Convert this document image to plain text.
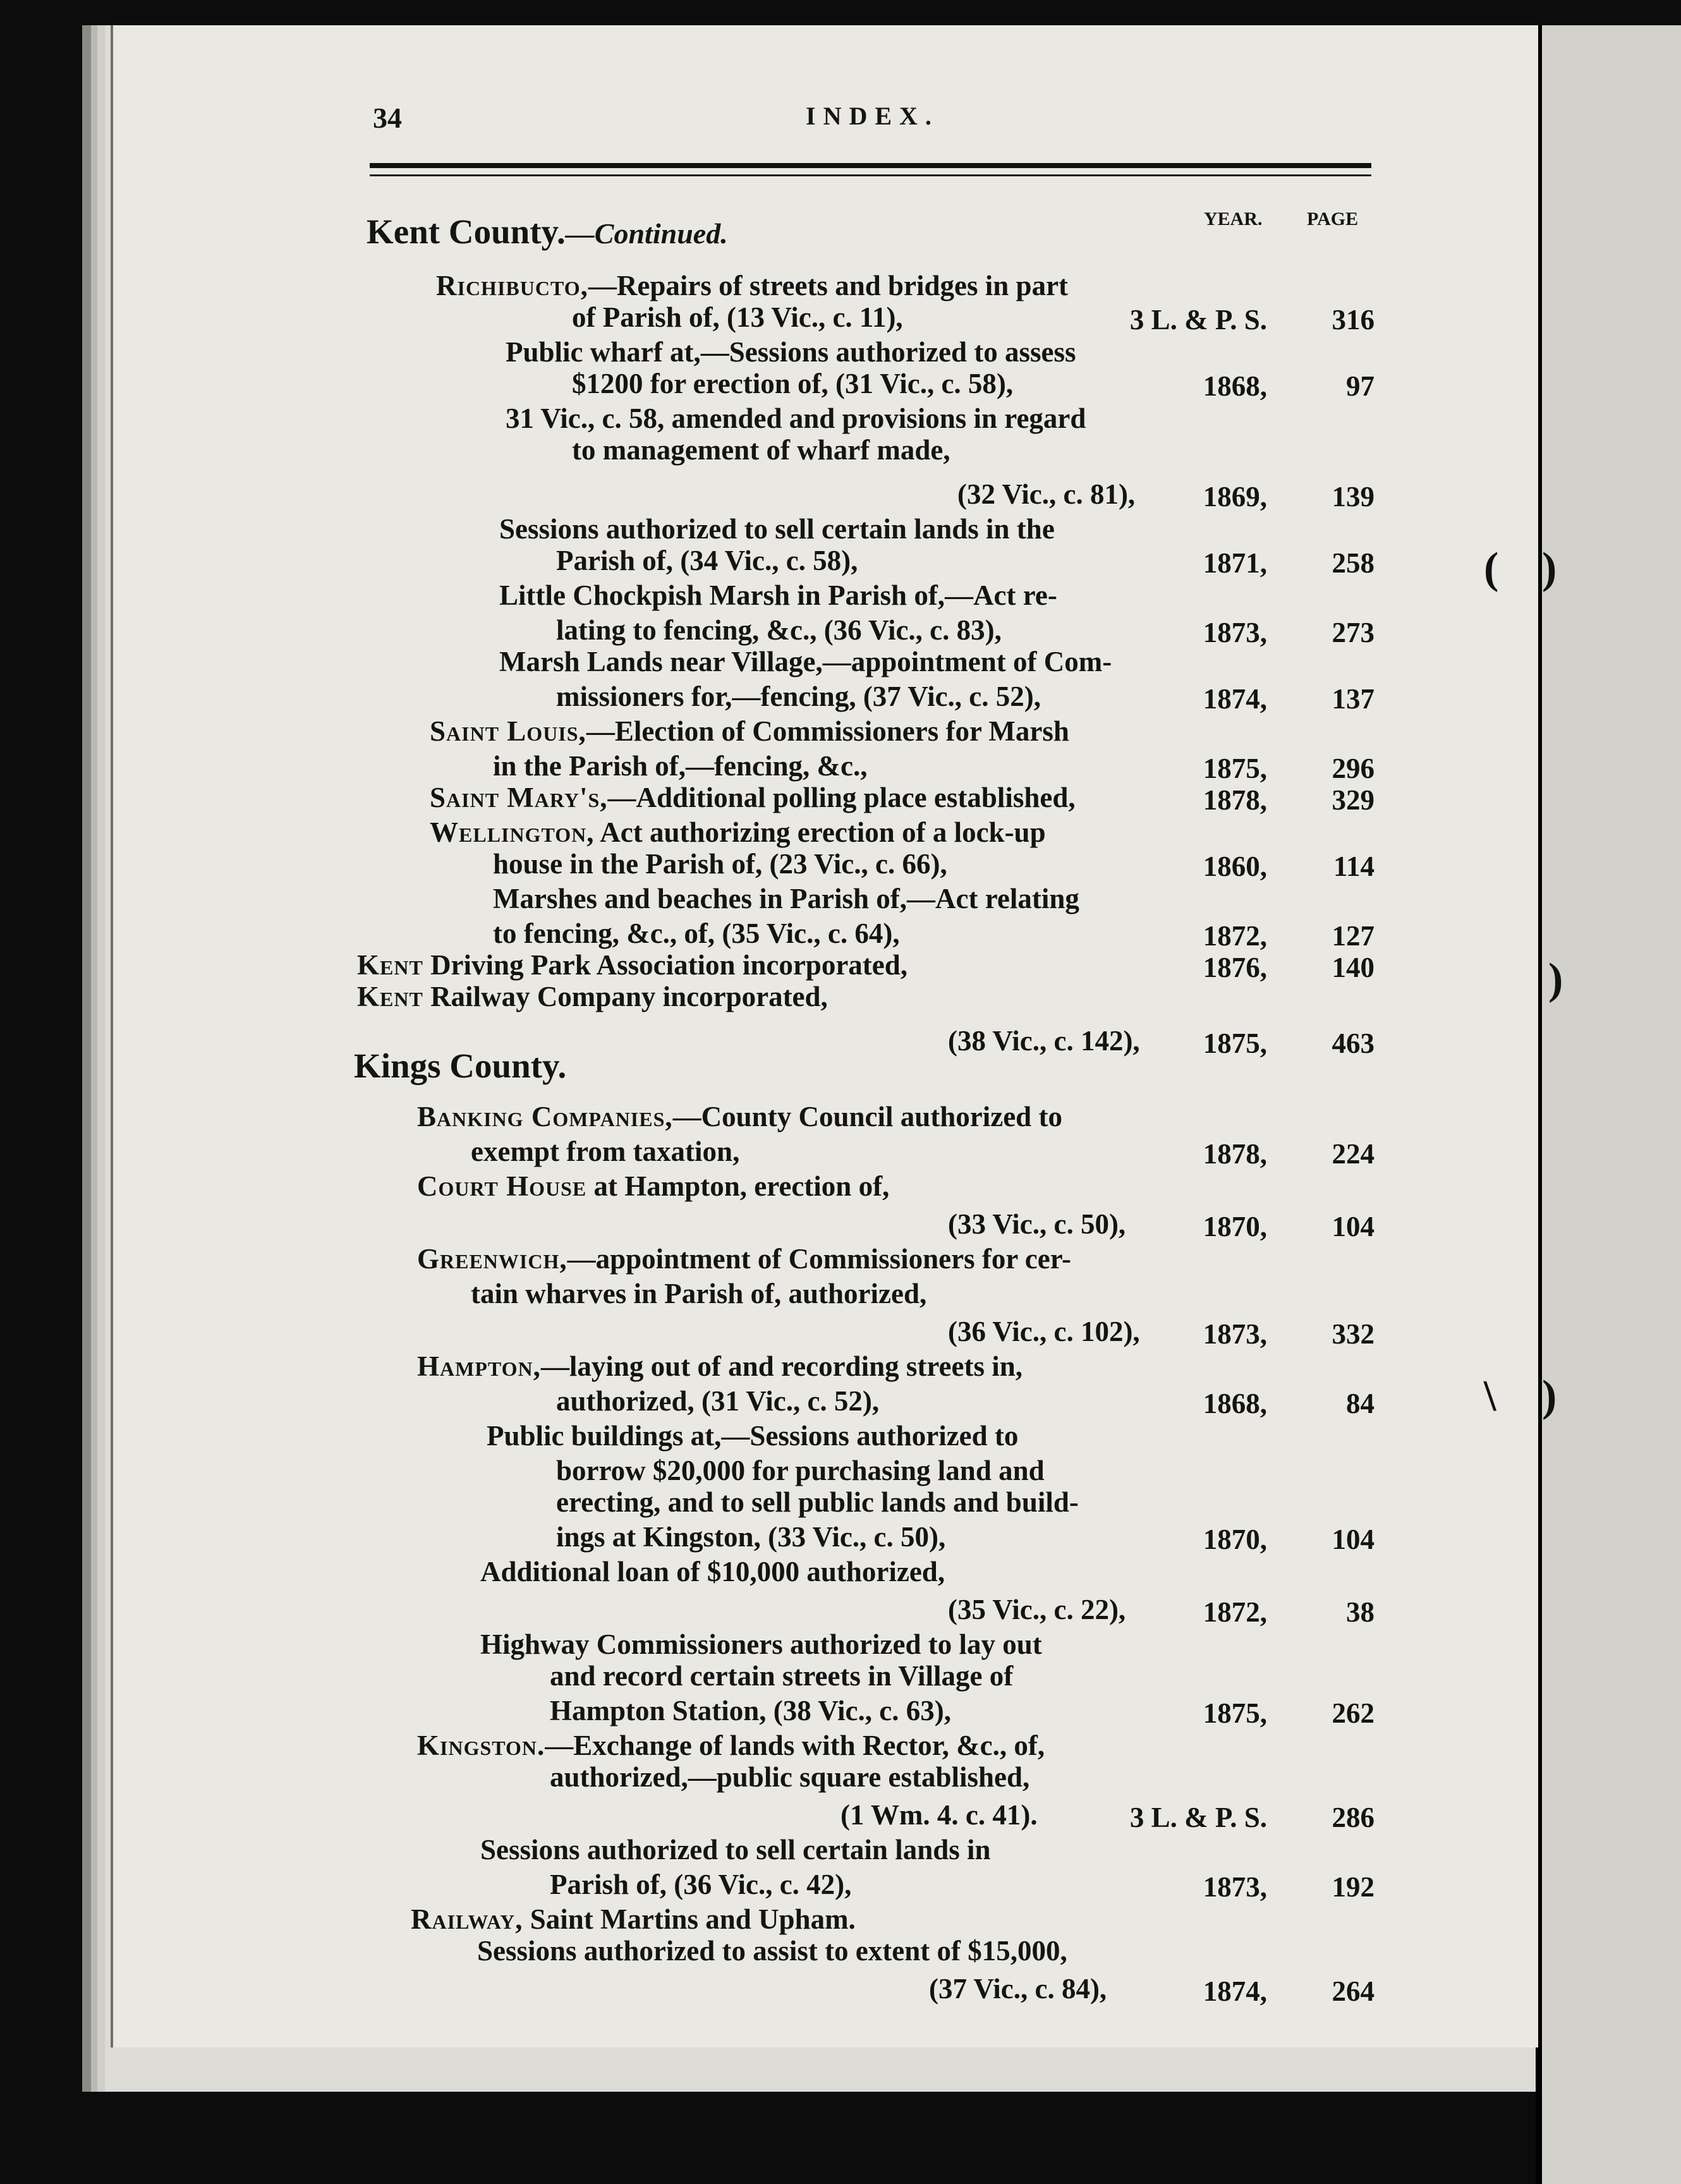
34	INDEX.
YEAR. PAGE
Kent County.—Continued.
Kings County.
Richibucto,—Repairs of streets and bridges in part
of Parish of, (13 Vic., c. 11),	3 L. & P. S.	316
Public wharf at,—Sessions authorized to assess
$1200 for erection of, (31 Vic., c. 58),	1868,	97
31 Vic., c. 58, amended and provisions in regard
to management of wharf made,
(32 Vic., c. 81),	1869,	139
Sessions authorized to sell certain lands in the
Parish of, (34 Vic., c. 58),	1871,	258
Little Chockpish Marsh in Parish of,—Act re-
lating to fencing, &c., (36 Vic., c. 83),	1873,	273
Marsh Lands near Village,—appointment of Com-
missioners for,—fencing, (37 Vic., c. 52),	1874,	137
Saint Louis,—Election of Commissioners for Marsh
in the Parish of,—fencing, &c.,	1875,	296
Saint Mary's,—Additional polling place established,	1878,	329
Wellington, Act authorizing erection of a lock-up
house in the Parish of, (23 Vic., c. 66),	1860,	114
Marshes and beaches in Parish of,—Act relating
to fencing, &c., of, (35 Vic., c. 64),	1872,	127
Kent Driving Park Association incorporated,	1876,	140
Kent Railway Company incorporated,
(38 Vic., c. 142),	1875,	463
Banking Companies,—County Council authorized to
exempt from taxation,	1878,	224
Court House at Hampton, erection of,
(33 Vic., c. 50),	1870,	104
Greenwich,—appointment of Commissioners for cer-
tain wharves in Parish of, authorized,
(36 Vic., c. 102),	1873,	332
Hampton,—laying out of and recording streets in,
authorized, (31 Vic., c. 52),	1868,	84
Public buildings at,—Sessions authorized to
borrow $20,000 for purchasing land and
erecting, and to sell public lands and build-
ings at Kingston, (33 Vic., c. 50),	1870,	104
Additional loan of $10,000 authorized,
(35 Vic., c. 22),	1872,	38
Highway Commissioners authorized to lay out
and record certain streets in Village of
Hampton Station, (38 Vic., c. 63),	1875,	262
Kingston.—Exchange of lands with Rector, &c., of,
authorized,—public square established,
(1 Wm. 4. c. 41).	3 L. & P. S.	286
Sessions authorized to sell certain lands in
Parish of, (36 Vic., c. 42),	1873,	192
Railway, Saint Martins and Upham.
Sessions authorized to assist to extent of $15,000,
(37 Vic., c. 84),	1874,	264
( )
)
\ )
